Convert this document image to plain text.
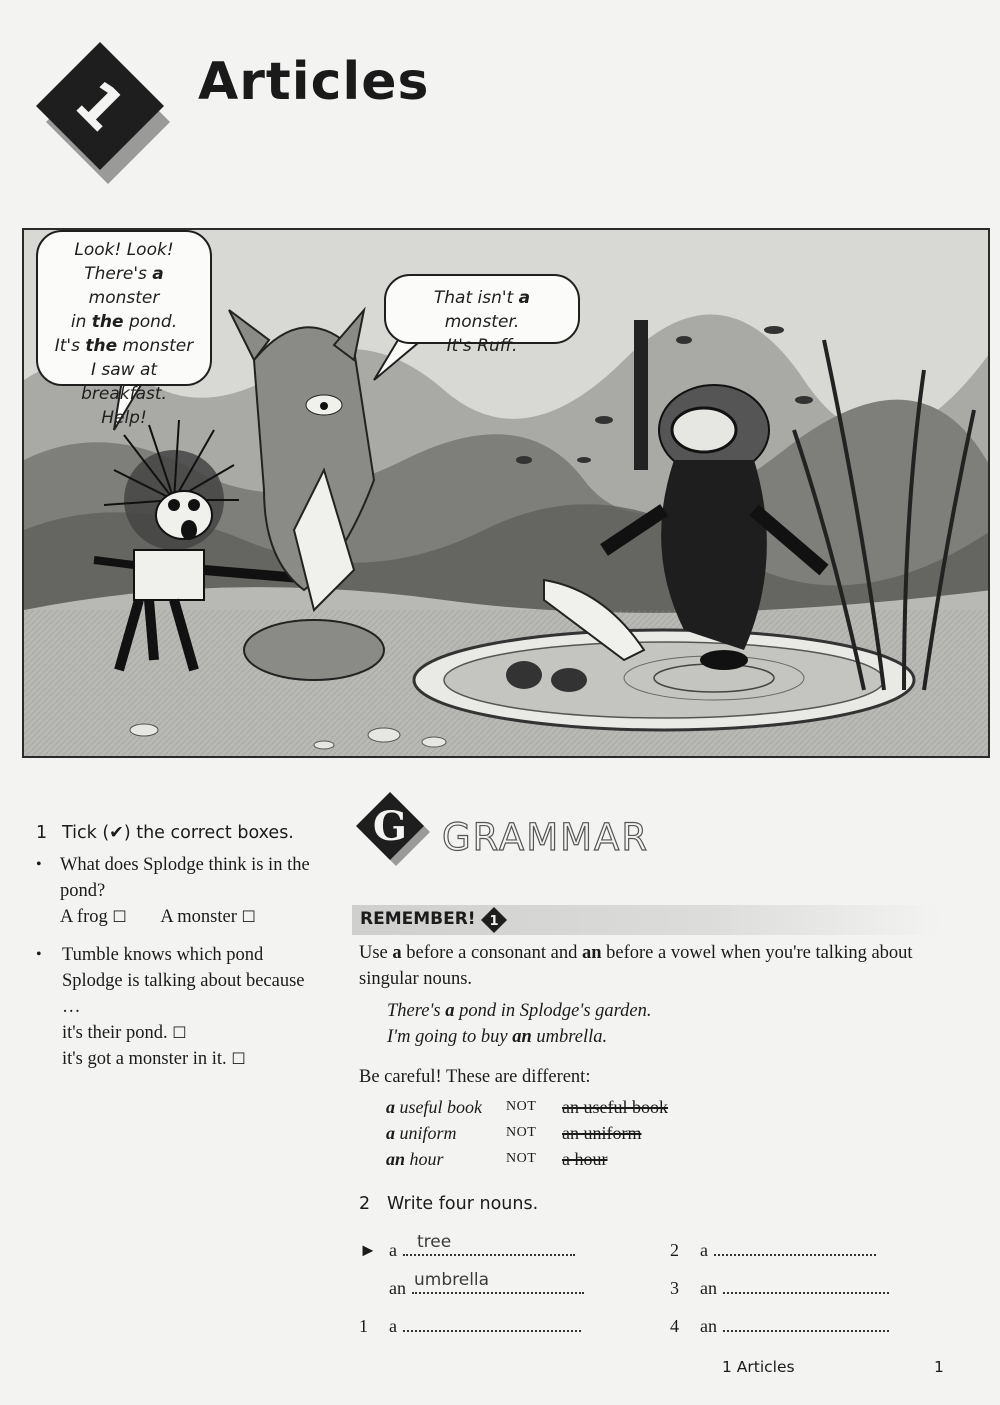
1 Articles
Look! Look!
There's a monster
in the pond.
It's the monster
I saw at breakfast.
Help!
That isn't a monster.
It's Ruff.
1 Tick (✔) the correct boxes.
• What does Splodge think is in the pond?
A frog ☐ A monster ☐
•	Tumble knows which pond Splodge is talking about because …
it's their pond. ☐
it's got a monster in it. ☐
G GRAMMAR
REMEMBER! 1
Use a before a consonant and an before a vowel when you're talking about singular nouns.
There's a pond in Splodge's garden.
I'm going to buy an umbrella.
Be careful! These are different:
a useful book	NOT	an useful book
a uniform	NOT	an uniform
an hour	NOT	a hour
2 Write four nouns.
► a tree
an umbrella
1	a
2	a
3	an
4	an
1 Articles	1
